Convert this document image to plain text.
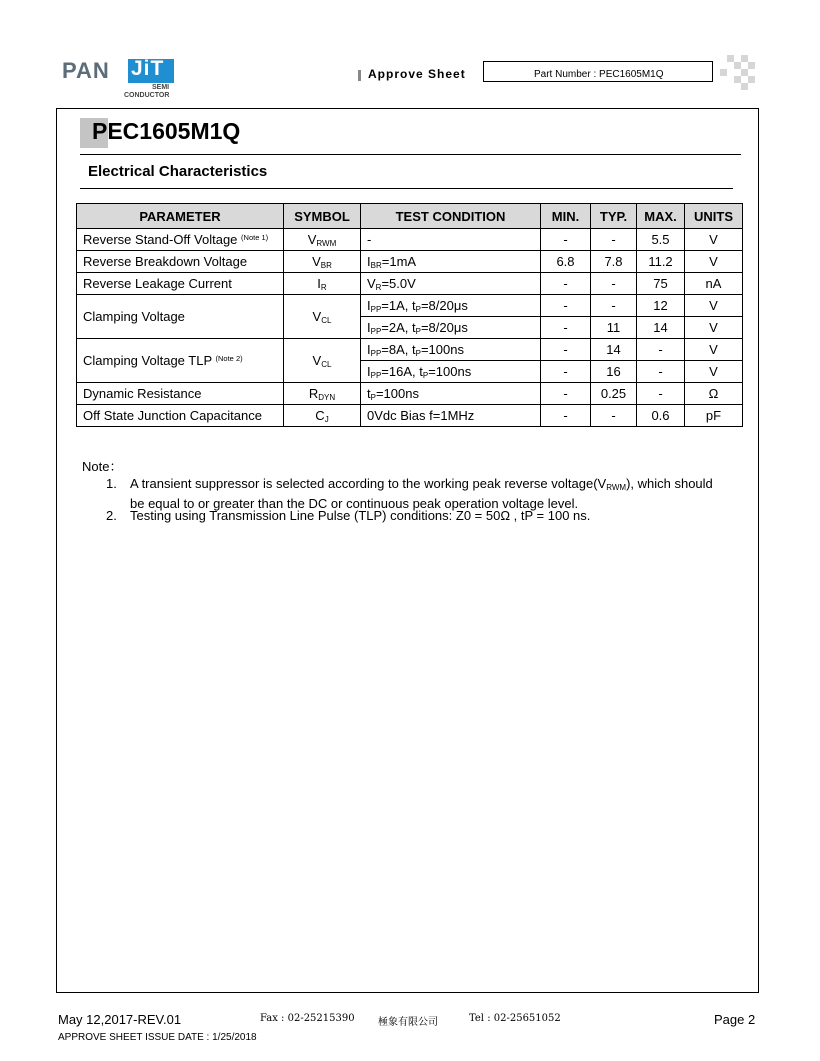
PAN JiT
SEMI
CONDUCTOR
Approve Sheet	Part Number : PEC1605M1Q
PEC1605M1Q
Electrical Characteristics
PARAMETER	SYMBOL	TEST CONDITION	MIN.	TYP.	MAX.	UNITS
Reverse Stand-Off Voltage $^{(Note 1)}$	$V_{RWM}$	-	-	-	5.5	V
Reverse Breakdown Voltage	$V_{BR}$	$I_{BR}=1mA$	6.8	7.8	11.2	V
Reverse Leakage Current	$I_R$	$V_R=5.0V$	-	-	75	nA
Clamping Voltage	$V_{CL}$	$I_{PP}=1A$, $t_P=8/20\mu s$	-	-	12	V
		$I_{PP}=2A$, $t_P=8/20\mu s$	-	11	14	V
Clamping Voltage TLP $^{(Note 2)}$	$V_{CL}$	$I_{PP}=8A$, $t_P=100ns$	-	14	-	V
		$I_{PP}=16A$, $t_P=100ns$	-	16	-	V
Dynamic Resistance	$R_{DYN}$	$t_P=100ns$	-	0.25	-	Ω
Off State Junction Capacitance	$C_J$	0Vdc Bias f=1MHz	-	-	0.6	pF
Note：
1. A transient suppressor is selected according to the working peak reverse $voltage(V_{RWM})$, which should be equal to or greater than the DC or continuous peak operation voltage level.
2. Testing using Transmission Line Pulse (TLP) conditions: Z0 = 50Ω , tP = 100 ns.
May 12,2017-REV.01	Fax : 02-25215390 極象有限公司	Tel : 02-25651052	Page 2
APPROVE SHEET ISSUE DATE : 1/25/2018
